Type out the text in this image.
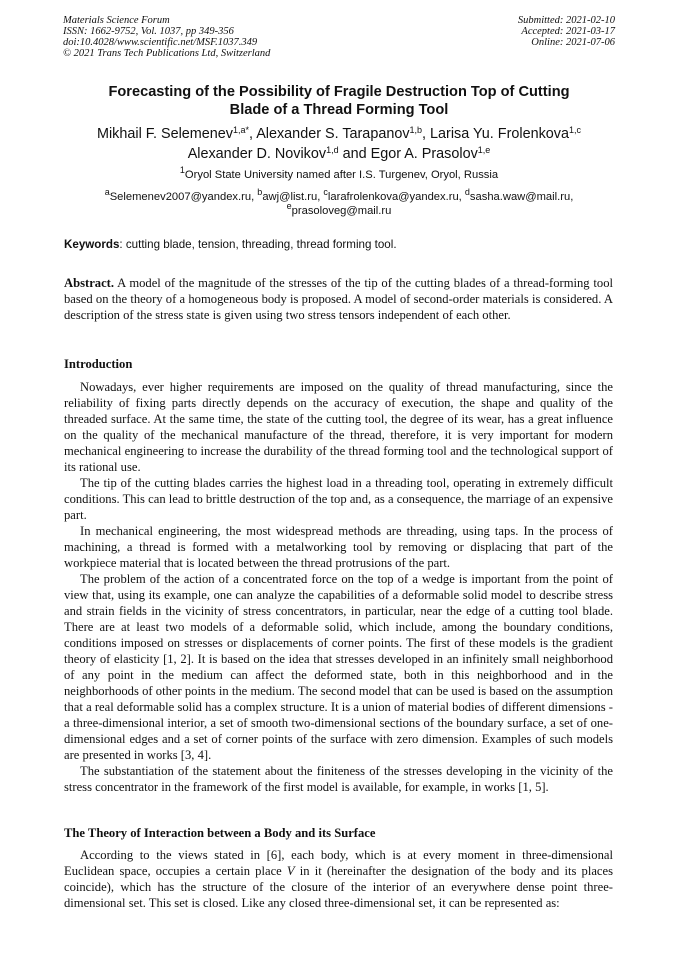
Materials Science Forum
ISSN: 1662-9752, Vol. 1037, pp 349-356
doi:10.4028/www.scientific.net/MSF.1037.349
© 2021 Trans Tech Publications Ltd, Switzerland
Submitted: 2021-02-10
Accepted: 2021-03-17
Online: 2021-07-06
Forecasting of the Possibility of Fragile Destruction Top of Cutting
Blade of a Thread Forming Tool
Mikhail F. Selemenev$^{1,a*}$, Alexander S. Tarapanov$^{1,b}$, Larisa Yu. Frolenkova$^{1,c}$
Alexander D. Novikov$^{1,d}$ and Egor A. Prasolov$^{1,e}$
$^1$Oryol State University named after I.S. Turgenev, Oryol, Russia
$^a$Selemenev2007@yandex.ru, $^b$awj@list.ru, $^c$larafrolenkova@yandex.ru, $^d$sasha.waw@mail.ru,
$^e$prasoloveg@mail.ru
Keywords: cutting blade, tension, threading, thread forming tool.

Abstract. A model of the magnitude of the stresses of the tip of the cutting blades of a thread-forming tool based on the theory of a homogeneous body is proposed. A model of second-order materials is considered. A description of the stress state is given using two stress tensors independent of each other.

Introduction

Nowadays, ever higher requirements are imposed on the quality of thread manufacturing, since the reliability of fixing parts directly depends on the accuracy of execution, the shape and quality of the threaded surface. At the same time, the state of the cutting tool, the degree of its wear, has a great influence on the quality of the mechanical manufacture of the thread, therefore, it is very important for modern mechanical engineering to increase the durability of the thread forming tool and the technological support of its rational use.

The tip of the cutting blades carries the highest load in a threading tool, operating in extremely difficult conditions. This can lead to brittle destruction of the top and, as a consequence, the marriage of an expensive part.

In mechanical engineering, the most widespread methods are threading, using taps. In the process of machining, a thread is formed with a metalworking tool by removing or displacing that part of the workpiece material that is located between the thread protrusions of the part.

The problem of the action of a concentrated force on the top of a wedge is important from the point of view that, using its example, one can analyze the capabilities of a deformable solid model to describe stress and strain fields in the vicinity of stress concentrators, in particular, near the edge of a cutting tool blade. There are at least two models of a deformable solid, which include, among the boundary conditions, conditions imposed on stresses or displacements of corner points. The first of these models is the gradient theory of elasticity [1, 2]. It is based on the idea that stresses developed in an infinitely small neighborhood of any point in the medium can affect the deformed state, both in this neighborhood and in the neighborhoods of other points in the medium. The second model that can be used is based on the assumption that a real deformable solid has a complex structure. It is a union of material bodies of different dimensions - a three-dimensional interior, a set of smooth two-dimensional sections of the boundary surface, a set of one-dimensional edges and a set of corner points of the surface with zero dimension. Examples of such models are presented in works [3, 4].

The substantiation of the statement about the finiteness of the stresses developing in the vicinity of the stress concentrator in the framework of the first model is available, for example, in works [1, 5].

The Theory of Interaction between a Body and its Surface

According to the views stated in [6], each body, which is at every moment in three-dimensional Euclidean space, occupies a certain place V in it (hereinafter the designation of the body and its places coincide), which has the structure of the closure of the interior of an everywhere dense point three-dimensional set. This set is closed. Like any closed three-dimensional set, it can be represented as:
